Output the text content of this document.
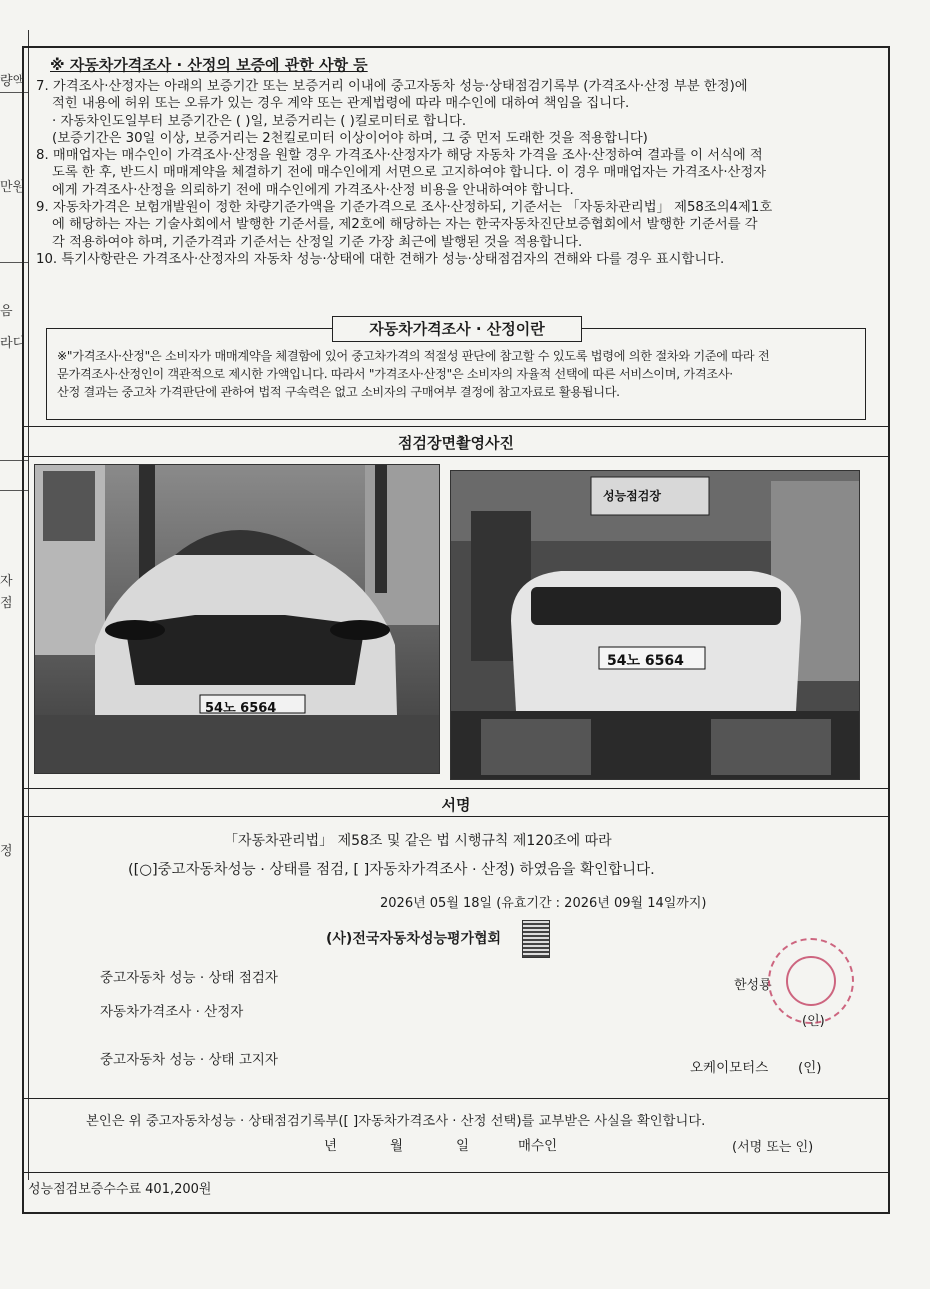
량액
만원
음
라디
자
점
정
※ 자동차가격조사 · 산정의 보증에 관한 사항 등

7. 가격조사·산정자는 아래의 보증기간 또는 보증거리 이내에 중고자동차 성능·상태점검기록부 (가격조사·산정 부분 한정)에

적힌 내용에 허위 또는 오류가 있는 경우 계약 또는 관계법령에 따라 매수인에 대하여 책임을 집니다.

· 자동차인도일부터 보증기간은 ( )일, 보증거리는 ( )킬로미터로 합니다.

(보증기간은 30일 이상, 보증거리는 2천킬로미터 이상이어야 하며, 그 중 먼저 도래한 것을 적용합니다)

8. 매매업자는 매수인이 가격조사·산정을 원할 경우 가격조사·산정자가 해당 자동차 가격을 조사·산정하여 결과를 이 서식에 적

도록 한 후, 반드시 매매계약을 체결하기 전에 매수인에게 서면으로 고지하여야 합니다. 이 경우 매매업자는 가격조사·산정자

에게 가격조사·산정을 의뢰하기 전에 매수인에게 가격조사·산정 비용을 안내하여야 합니다.

9. 자동차가격은 보험개발원이 정한 차량기준가액을 기준가격으로 조사·산정하되, 기준서는 「자동차관리법」 제58조의4제1호

에 해당하는 자는 기술사회에서 발행한 기준서를, 제2호에 해당하는 자는 한국자동차진단보증협회에서 발행한 기준서를 각

각 적용하여야 하며, 기준가격과 기준서는 산정일 기준 가장 최근에 발행된 것을 적용합니다.

10. 특기사항란은 가격조사·산정자의 자동차 성능·상태에 대한 견해가 성능·상태점검자의 견해와 다를 경우 표시합니다.

※"가격조사·산정"은 소비자가 매매계약을 체결함에 있어 중고차가격의 적절성 판단에 참고할 수 있도록 법령에 의한 절차와 기준에 따라 전
문가격조사·산정인이 객관적으로 제시한 가액입니다. 따라서 "가격조사·산정"은 소비자의 자율적 선택에 따른 서비스이며, 가격조사·
산정 결과는 중고차 가격판단에 관하여 법적 구속력은 없고 소비자의 구매여부 결정에 참고자료로 활용됩니다.
자동차가격조사 · 산정이란
점검장면촬영사진
54노 6564
성능점검장
54노 6564
서명
「자동차관리법」 제58조 및 같은 법 시행규칙 제120조에 따라
([○]중고자동차성능 · 상태를 점검, [ ]자동차가격조사 · 산정) 하였음을 확인합니다.
2026년 05월 18일 (유효기간 : 2026년 09월 14일까지)
(사)전국자동차성능평가협회
중고자동차 성능 · 상태 점검자	한성룡
(인)
자동차가격조사 · 산정자
중고자동차 성능 · 상태 고지자	오케이모터스 (인)
본인은 위 중고자동차성능 · 상태점검기록부([ ]자동차가격조사 · 산정 선택)를 교부받은 사실을 확인합니다.
년	월	일	매수인	(서명 또는 인)
성능점검보증수수료 401,200원
